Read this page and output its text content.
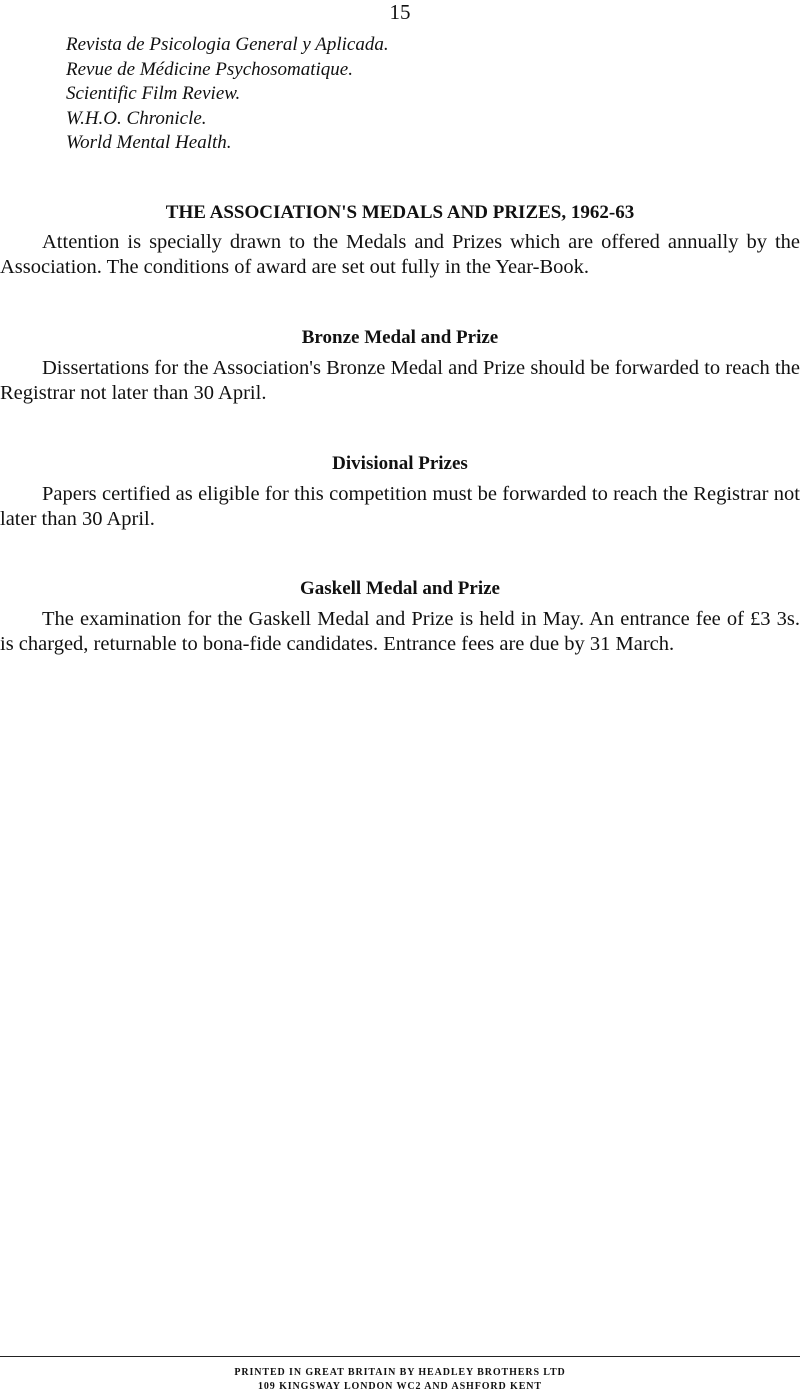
15
Revista de Psicologia General y Aplicada.
Revue de Médicine Psychosomatique.
Scientific Film Review.
W.H.O. Chronicle.
World Mental Health.
THE ASSOCIATION'S MEDALS AND PRIZES, 1962-63

Attention is specially drawn to the Medals and Prizes which are offered annually by the Association. The conditions of award are set out fully in the Year-Book.

Bronze Medal and Prize

Dissertations for the Association's Bronze Medal and Prize should be forwarded to reach the Registrar not later than 30 April.

Divisional Prizes

Papers certified as eligible for this competition must be forwarded to reach the Registrar not later than 30 April.

Gaskell Medal and Prize

The examination for the Gaskell Medal and Prize is held in May. An entrance fee of £3 3s. is charged, returnable to bona-fide candidates. Entrance fees are due by 31 March.

PRINTED IN GREAT BRITAIN BY HEADLEY BROTHERS LTD
109 KINGSWAY LONDON WC2 AND ASHFORD KENT
